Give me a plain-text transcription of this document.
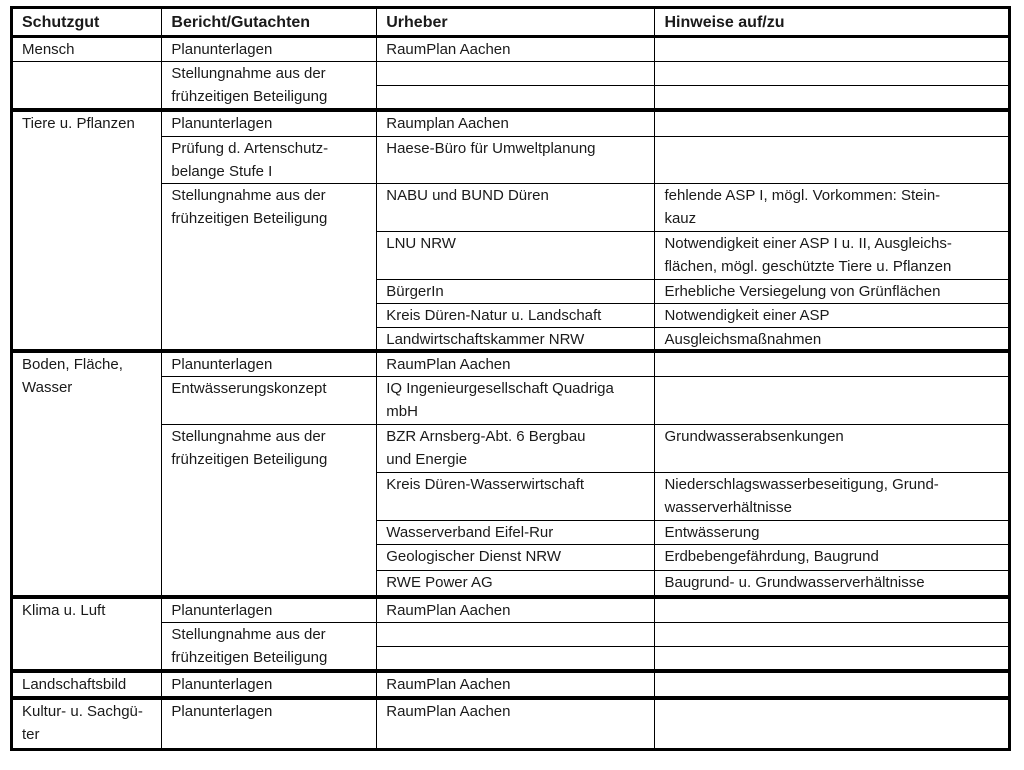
Schutzgut	Bericht/Gutachten	Urheber	Hinweise auf/zu
Mensch	Planunterlagen	RaumPlan Aachen	

	Stellungnahme aus der
frühzeitigen Beteiligung		

Tiere u. Pflanzen	Planunterlagen	Raumplan Aachen	

	Prüfung d. Artenschutz-
belange Stufe I	Haese-Büro für Umweltplanung	

	Stellungnahme aus der
frühzeitigen Beteiligung	NABU und BUND Düren	fehlende ASP I, mögl. Vorkommen: Stein-
kauz

		LNU NRW	Notwendigkeit einer ASP I u. II, Ausgleichs-
flächen, mögl. geschützte Tiere u. Pflanzen

		BürgerIn	Erhebliche Versiegelung von Grünflächen
		Kreis Düren-Natur u. Landschaft	Notwendigkeit einer ASP
		Landwirtschaftskammer NRW	Ausgleichsmaßnahmen

Boden, Fläche,
Wasser	Planunterlagen	RaumPlan Aachen	
	Entwässerungskonzept	IQ Ingenieurgesellschaft Quadriga
mbH	

	Stellungnahme aus der
frühzeitigen Beteiligung	BZR Arnsberg-Abt. 6 Bergbau
und Energie	Grundwasserabsenkungen
		Kreis Düren-Wasserwirtschaft	Niederschlagswasserbeseitigung, Grund-
wasserverhältnisse

		Wasserverband Eifel-Rur	Entwässerung
		Geologischer Dienst NRW	Erdbebengefährdung, Baugrund
		RWE Power AG	Baugrund- u. Grundwasserverhältnisse
Klima u. Luft	Planunterlagen	RaumPlan Aachen	

	Stellungnahme aus der
frühzeitigen Beteiligung		

Landschaftsbild	Planunterlagen	RaumPlan Aachen	

Kultur- u. Sachgü-
ter	Planunterlagen	RaumPlan Aachen	
